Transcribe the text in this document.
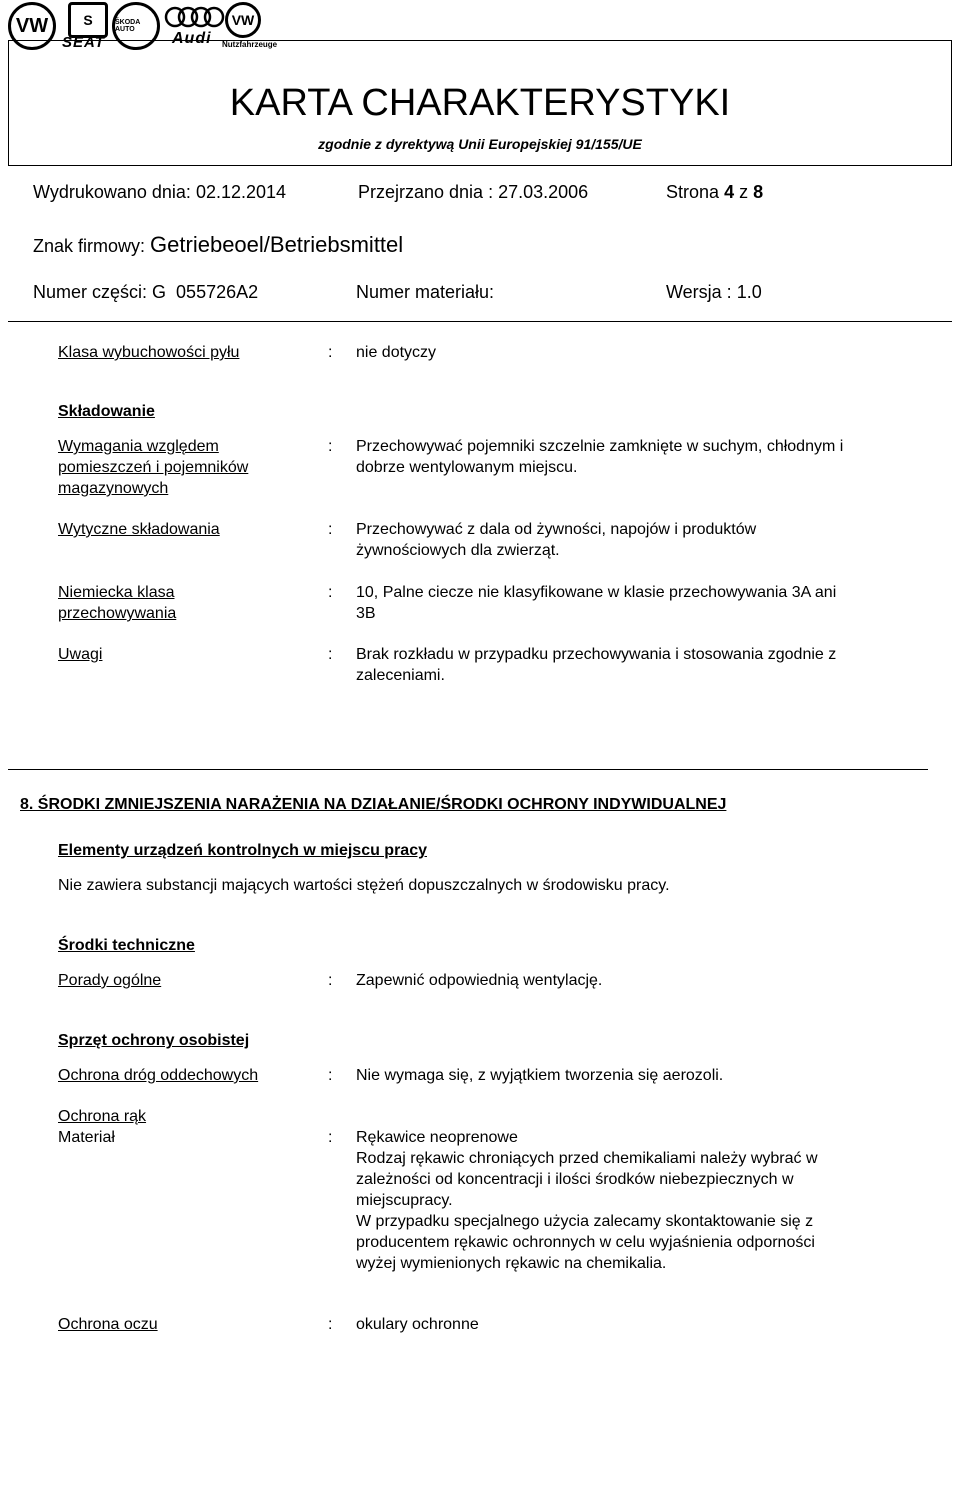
VW	S
SEAT
ŠKODA AUTO
Audi
VW
Nutzfahrzeuge
KARTA CHARAKTERYSTYKI
zgodnie z dyrektywą Unii Europejskiej 91/155/UE
Wydrukowano dnia: 02.12.2014	Przejrzano dnia : 27.03.2006	Strona 4 z 8
Znak firmowy: Getriebeoel/Betriebsmittel
Numer części: G  055726A2	Numer materiału:	Wersja : 1.0
Klasa wybuchowości pyłu	: nie dotyczy
Składowanie
Wymagania względem
pomieszczeń i pojemników
magazynowych
: Przechowywać pojemniki szczelnie zamknięte w suchym, chłodnym i
dobrze wentylowanym miejscu.
Wytyczne składowania	: Przechowywać z dala od żywności, napojów i produktów
żywnościowych dla zwierząt.
Niemiecka klasa
przechowywania
: 10, Palne ciecze nie klasyfikowane w klasie przechowywania 3A ani
3B
Uwagi	: Brak rozkładu w przypadku przechowywania i stosowania zgodnie z
zaleceniami.
8. ŚRODKI ZMNIEJSZENIA NARAŻENIA NA DZIAŁANIE/ŚRODKI OCHRONY INDYWIDUALNEJ
Elementy urządzeń kontrolnych w miejscu pracy
Nie zawiera substancji mających wartości stężeń dopuszczalnych w środowisku pracy.
Środki techniczne
Porady ogólne	: Zapewnić odpowiednią wentylację.
Sprzęt ochrony osobistej
Ochrona dróg oddechowych	: Nie wymaga się, z wyjątkiem tworzenia się aerozoli.
Ochrona rąk
Materiał	: Rękawice neoprenowe
Rodzaj rękawic chroniących przed chemikaliami należy wybrać w
zależności od koncentracji i ilości środków niebezpiecznych w
miejscupracy.
W przypadku specjalnego użycia zalecamy skontaktowanie się z
producentem rękawic ochronnych w celu wyjaśnienia odporności
wyżej wymienionych rękawic na chemikalia.
Ochrona oczu	: okulary ochronne
